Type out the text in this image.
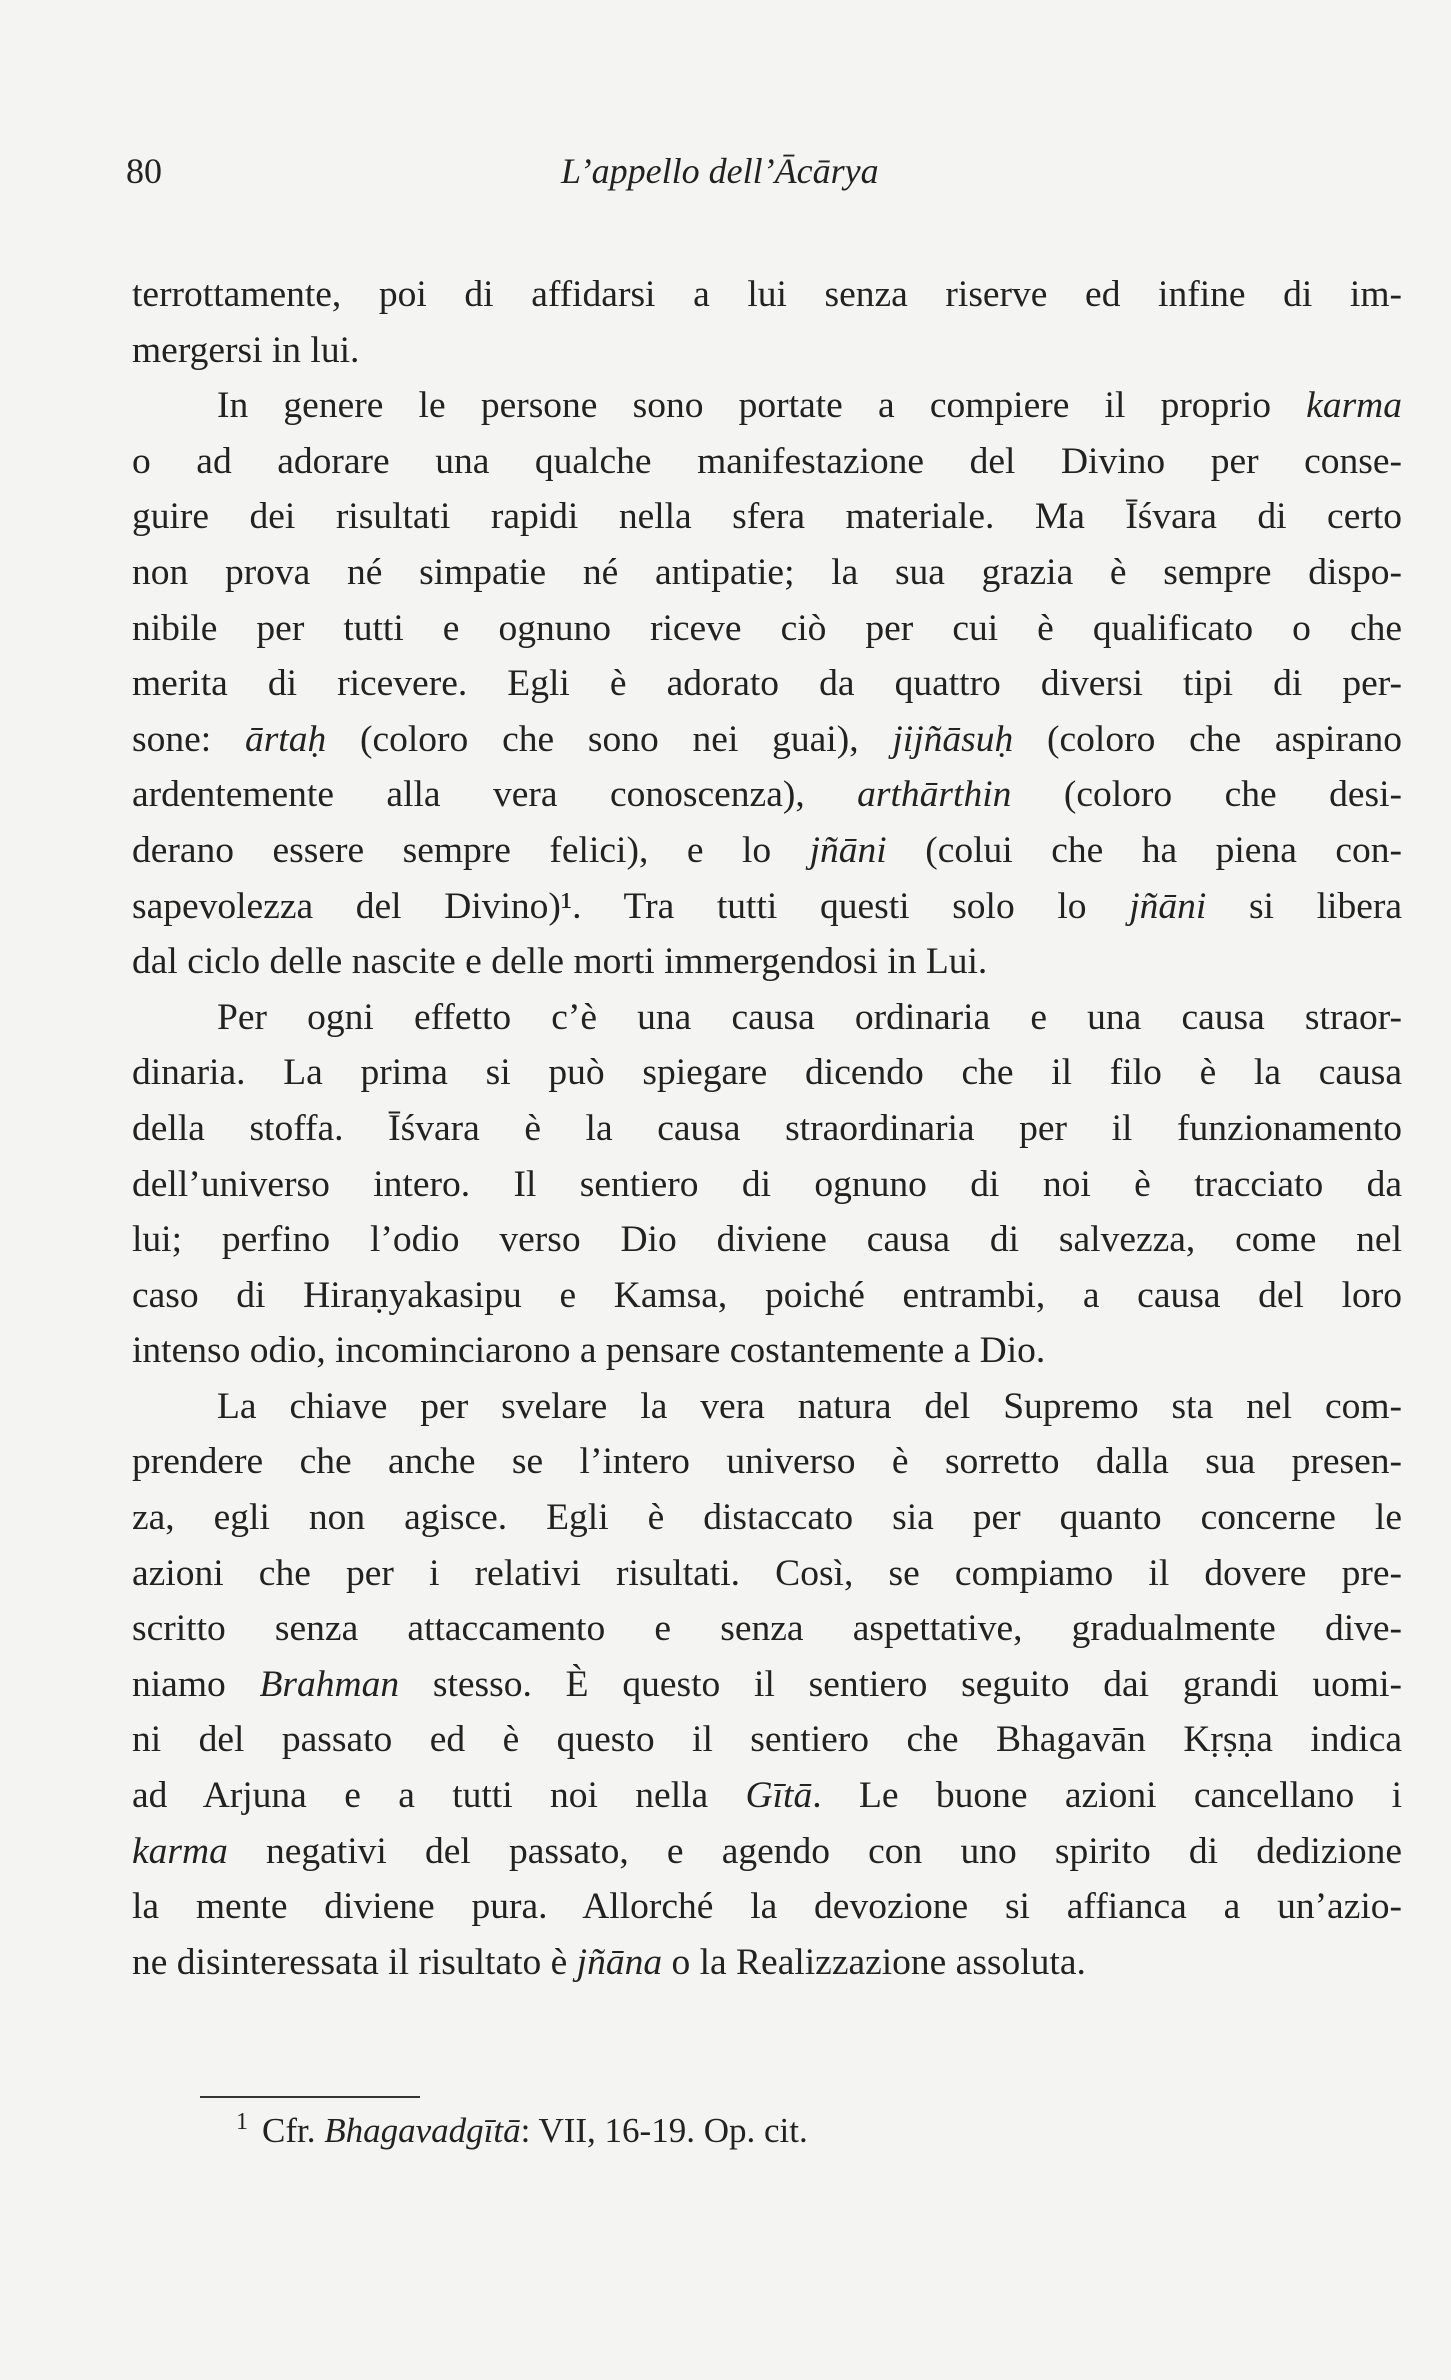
80	L’appello dell’Ācārya
terrottamente, poi di affidarsi a lui senza riserve ed infine di im-
mergersi in lui.
In genere le persone sono portate a compiere il proprio karma
o ad adorare una qualche manifestazione del Divino per conse-
guire dei risultati rapidi nella sfera materiale. Ma Īśvara di certo
non prova né simpatie né antipatie; la sua grazia è sempre dispo-
nibile per tutti e ognuno riceve ciò per cui è qualificato o che
merita di ricevere. Egli è adorato da quattro diversi tipi di per-
sone: ārtaḥ (coloro che sono nei guai), jijñāsuḥ (coloro che aspirano
ardentemente alla vera conoscenza), arthārthin (coloro che desi-
derano essere sempre felici), e lo jñāni (colui che ha piena con-
sapevolezza del Divino)¹. Tra tutti questi solo lo jñāni si libera
dal ciclo delle nascite e delle morti immergendosi in Lui.
Per ogni effetto c’è una causa ordinaria e una causa straor-
dinaria. La prima si può spiegare dicendo che il filo è la causa
della stoffa. Īśvara è la causa straordinaria per il funzionamento
dell’universo intero. Il sentiero di ognuno di noi è tracciato da
lui; perfino l’odio verso Dio diviene causa di salvezza, come nel
caso di Hiraṇyakasipu e Kamsa, poiché entrambi, a causa del loro
intenso odio, incominciarono a pensare costantemente a Dio.
La chiave per svelare la vera natura del Supremo sta nel com-
prendere che anche se l’intero universo è sorretto dalla sua presen-
za, egli non agisce. Egli è distaccato sia per quanto concerne le
azioni che per i relativi risultati. Così, se compiamo il dovere pre-
scritto senza attaccamento e senza aspettative, gradualmente dive-
niamo Brahman stesso. È questo il sentiero seguito dai grandi uomi-
ni del passato ed è questo il sentiero che Bhagavān Kṛṣṇa indica
ad Arjuna e a tutti noi nella Gītā. Le buone azioni cancellano i
karma negativi del passato, e agendo con uno spirito di dedizione
la mente diviene pura. Allorché la devozione si affianca a un’azio-
ne disinteressata il risultato è jñāna o la Realizzazione assoluta.
$^1$ Cfr. Bhagavadgītā: VII, 16-19. Op. cit.
